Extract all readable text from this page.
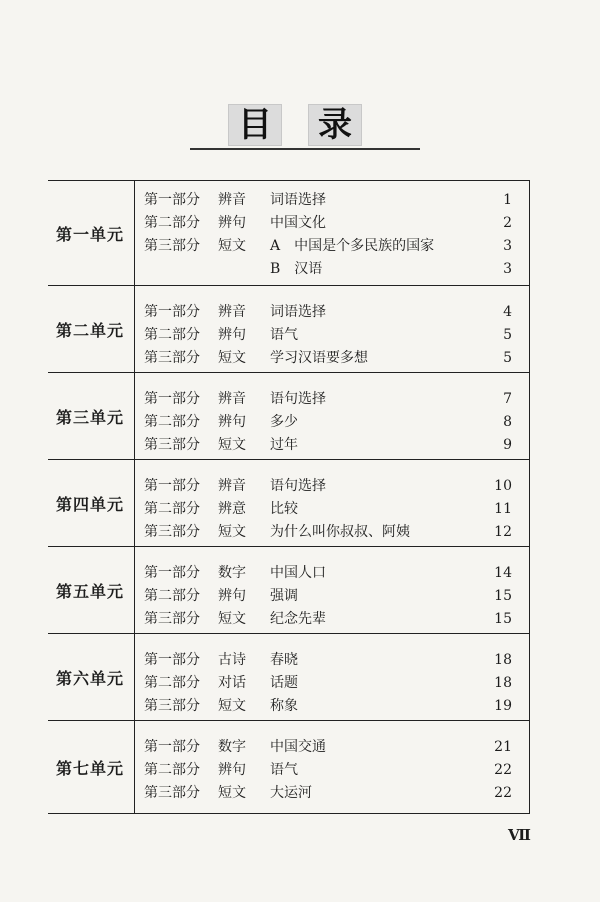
目 录
第一单元
第一部分 辨音 词语选择	1
第二部分 辨句 中国文化	2
第三部分 短文 A　中国是个多民族的国家	3
B　汉语	3
第二单元
第一部分 辨音 词语选择	4
第二部分 辨句 语气	5
第三部分 短文 学习汉语要多想	5
第三单元
第一部分 辨音 语句选择	7
第二部分 辨句 多少	8
第三部分 短文 过年	9
第四单元
第一部分 辨音 语句选择	10
第二部分 辨意 比较	11
第三部分 短文 为什么叫你叔叔、阿姨	12
第五单元
第一部分 数字 中国人口	14
第二部分 辨句 强调	15
第三部分 短文 纪念先辈	15
第六单元
第一部分 古诗 春晓	18
第二部分 对话 话题	18
第三部分 短文 称象	19
第七单元
第一部分 数字 中国交通	21
第二部分 辨句 语气	22
第三部分 短文 大运河	22
Ⅶ
